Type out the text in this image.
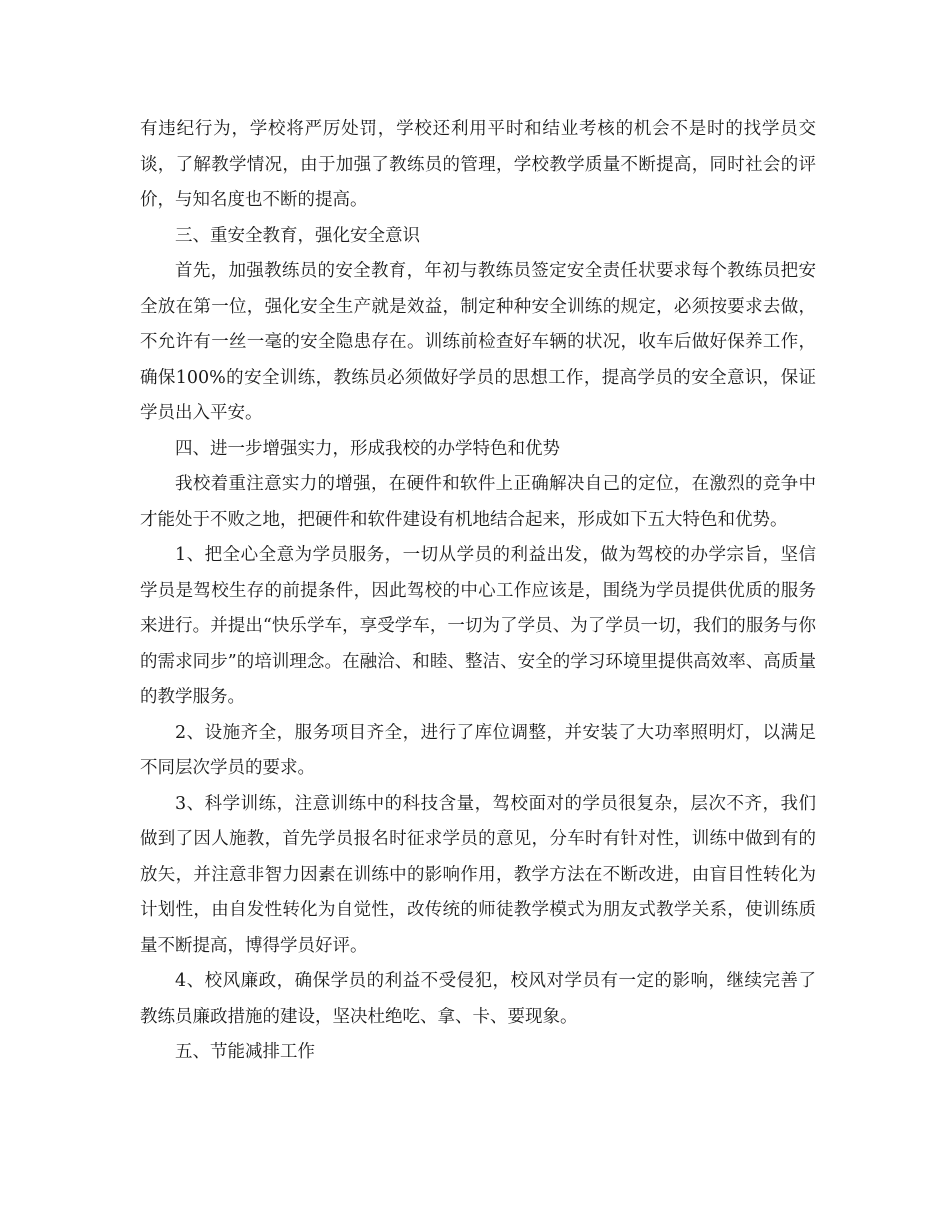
有违纪行为，学校将严厉处罚，学校还利用平时和结业考核的机会不是时的找学员交谈，了解教学情况，由于加强了教练员的管理，学校教学质量不断提高，同时社会的评价，与知名度也不断的提高。

三、重安全教育，强化安全意识

首先，加强教练员的安全教育，年初与教练员签定安全责任状要求每个教练员把安全放在第一位，强化安全生产就是效益，制定种种安全训练的规定，必须按要求去做，不允许有一丝一毫的安全隐患存在。训练前检查好车辆的状况，收车后做好保养工作，确保100%的安全训练，教练员必须做好学员的思想工作，提高学员的安全意识，保证学员出入平安。

四、进一步增强实力，形成我校的办学特色和优势

我校着重注意实力的增强，在硬件和软件上正确解决自己的定位，在激烈的竞争中才能处于不败之地，把硬件和软件建设有机地结合起来，形成如下五大特色和优势。

1、把全心全意为学员服务，一切从学员的利益出发，做为驾校的办学宗旨，坚信学员是驾校生存的前提条件，因此驾校的中心工作应该是，围绕为学员提供优质的服务来进行。并提出“快乐学车，享受学车，一切为了学员、为了学员一切，我们的服务与你的需求同步”的培训理念。在融洽、和睦、整洁、安全的学习环境里提供高效率、高质量的教学服务。

2、设施齐全，服务项目齐全，进行了库位调整，并安装了大功率照明灯，以满足不同层次学员的要求。

3、科学训练，注意训练中的科技含量，驾校面对的学员很复杂，层次不齐，我们做到了因人施教，首先学员报名时征求学员的意见，分车时有针对性，训练中做到有的放矢，并注意非智力因素在训练中的影响作用，教学方法在不断改进，由盲目性转化为计划性，由自发性转化为自觉性，改传统的师徒教学模式为朋友式教学关系，使训练质量不断提高，博得学员好评。

4、校风廉政，确保学员的利益不受侵犯，校风对学员有一定的影响，继续完善了教练员廉政措施的建设，坚决杜绝吃、拿、卡、要现象。

五、节能减排工作
